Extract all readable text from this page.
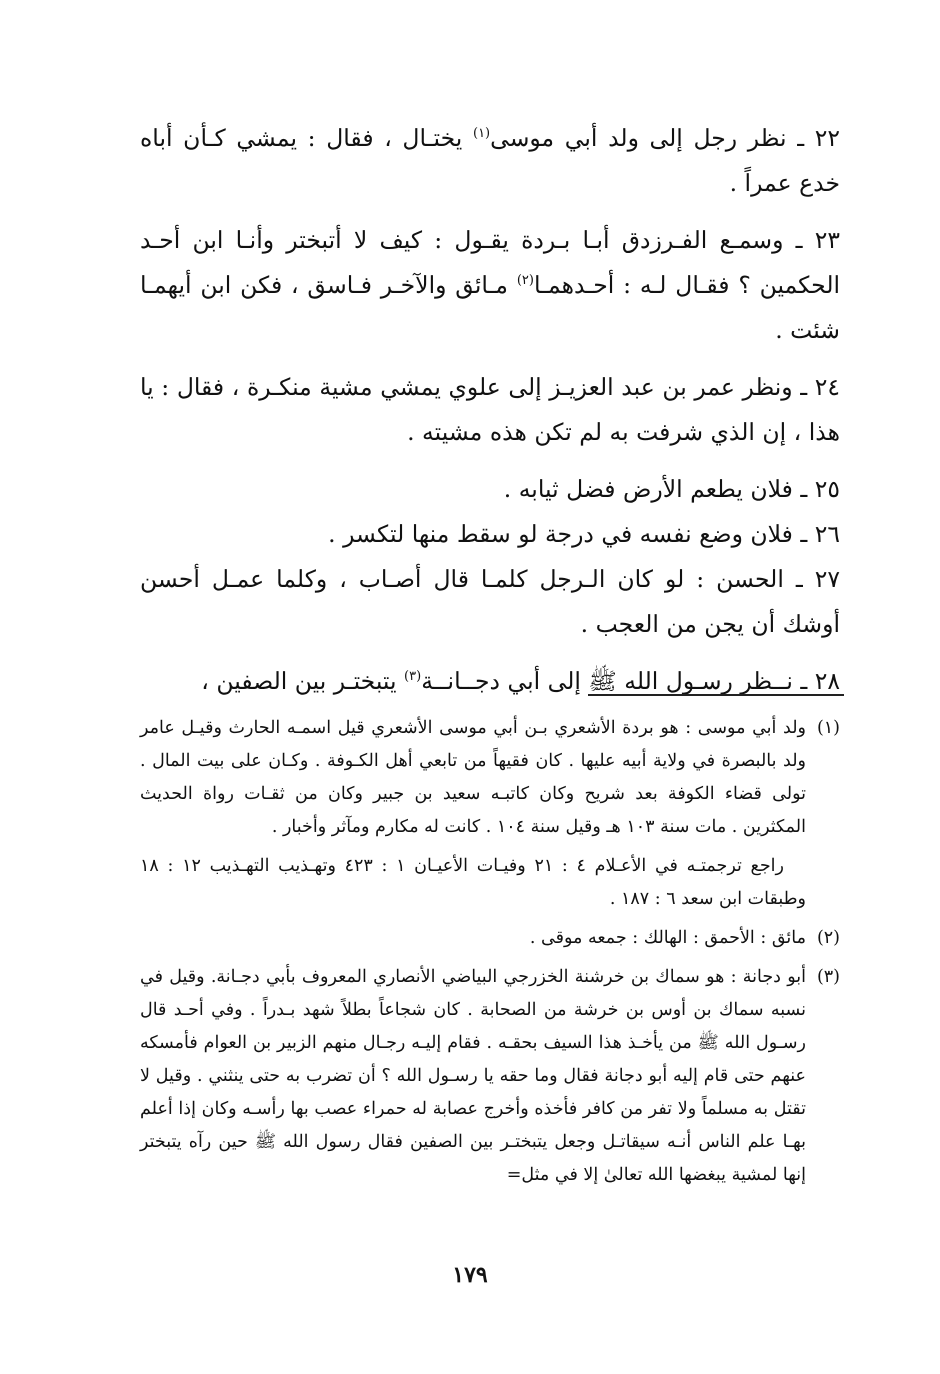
٢٢ ـ نظر رجل إلى ولد أبي موسى$^{(١)}$ يختـال ، فقال : يمشي كـأن أباه خدع عمراً .

٢٣ ـ وسمـع الفـرزدق أبـا بـردة يقـول : كيف لا أتبختر وأنـا ابن أحـد الحكمين ؟ فقـال لـه : أحـدهمـا$^{(٢)}$ مـائق والآخـر فـاسق ، فكن ابن أيهمـا شئت .

٢٤ ـ ونظر عمر بن عبد العزيـز إلى علوي يمشي مشية منكـرة ، فقال : يا هذا ، إن الذي شرفت به لم تكن هذه مشيته .

٢٥ ـ فلان يطعم الأرض فضل ثيابه .

٢٦ ـ فلان وضع نفسه في درجة لو سقط منها لتكسر .

٢٧ ـ الحسن : لو كان الـرجل كلمـا قال أصـاب ، وكلما عمـل أحسن أوشك أن يجن من العجب .

٢٨ ـ نــظر رسـول الله ﷺ إلى أبي دجــانــة$^{(٣)}$ يتبختـر بين الصفين ،

(١)

ولد أبي موسى : هو بردة الأشعري بـن أبي موسى الأشعري قيل اسمـه الحارث وقيـل عامر ولد بالبصرة في ولاية أبيه عليها . كان فقيهاً من تابعي أهل الكـوفة . وكـان على بيت المال . تولى قضاء الكوفة بعد شريح وكان كاتبـه سعيد بن جبير وكان من ثقـات رواة الحديث المكثرين . مات سنة ١٠٣ هـ وقيل سنة ١٠٤ . كانت له مكارم ومآثر وأخبار .

راجع ترجمتـه في الأعـلام ٤ : ٢١ وفيـات الأعيـان ١ : ٤٢٣ وتهـذيب التهـذيب ١٢ : ١٨ وطبقات ابن سعد ٦ : ١٨٧ .

(٢)

مائق : الأحمق : الهالك : جمعه موقى .

(٣)

أبو دجانة : هو سماك بن خرشنة الخزرجي البياضي الأنصاري المعروف بأبي دجـانة. وقيل في نسبه سماك بن أوس بن خرشة من الصحابة . كان شجاعاً بطلاً شهد بـدراً . وفي أحـد قال رسـول الله ﷺ من يأخـذ هذا السيف بحقـه . فقام إليـه رجـال منهم الزبير بن العوام فأمسكه عنهم حتى قام إليه أبو دجانة فقال وما حقه يا رسـول الله ؟ أن تضرب به حتى ينثني . وقيل لا تقتل به مسلماً ولا تفر من كافر فأخذه وأخرج عصابة له حمراء عصب بها رأسـه وكان إذا أعلم بهـا علم الناس أنـه سيقاتـل وجعل يتبختـر بين الصفين فقال رسول الله ﷺ حين رآه يتبختر إنها لمشية يبغضها الله تعالىٰ إلا في مثل=

١٧٩
